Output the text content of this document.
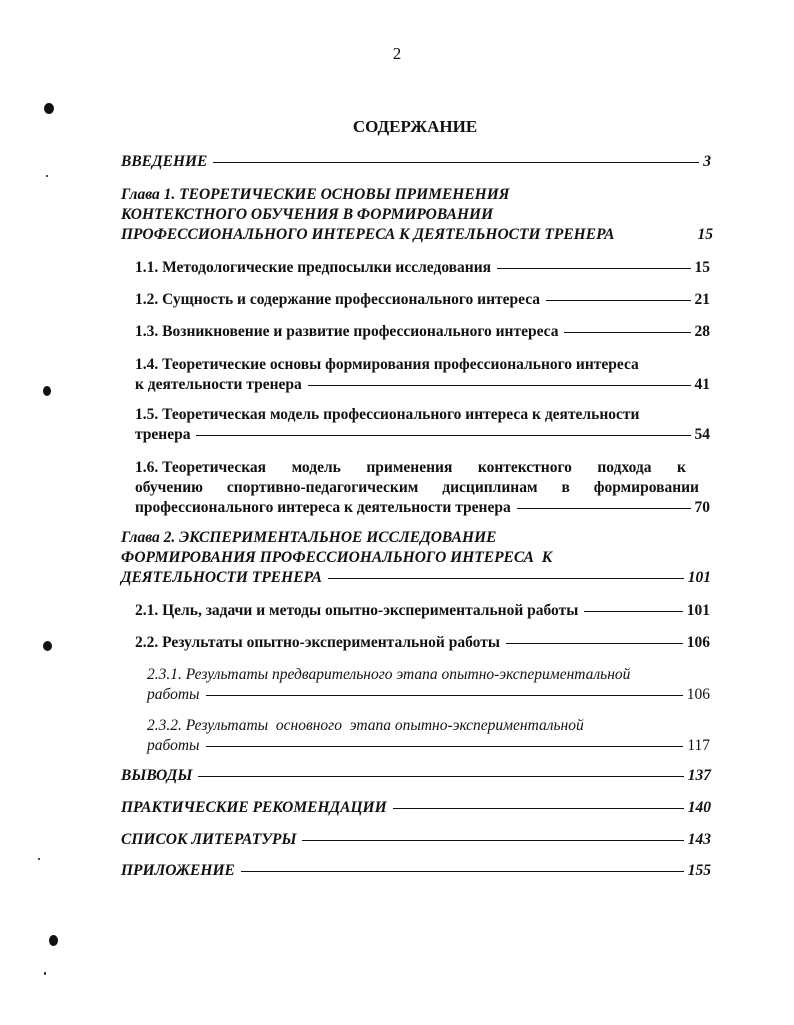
2
СОДЕРЖАНИЕ
ВВЕДЕНИЕ	3
Глава 1. ТЕОРЕТИЧЕСКИЕ ОСНОВЫ ПРИМЕНЕНИЯ
КОНТЕКСТНОГО ОБУЧЕНИЯ В ФОРМИРОВАНИИ
ПРОФЕССИОНАЛЬНОГО ИНТЕРЕСА К ДЕЯТЕЛЬНОСТИ ТРЕНЕРА	15
1.1. Методологические предпосылки исследования	15
1.2. Сущность и содержание профессионального интереса	21
1.3. Возникновение и развитие профессионального интереса	28
1.4. Теоретические основы формирования профессионального интереса
к деятельности тренера	41
1.5. Теоретическая модель профессионального интереса к деятельности
тренера	54
1.6. Теоретическая модель применения контекстного подхода к
обучению спортивно-педагогическим дисциплинам в формировании
профессионального интереса к деятельности тренера	70
Глава 2. ЭКСПЕРИМЕНТАЛЬНОЕ ИССЛЕДОВАНИЕ
ФОРМИРОВАНИЯ ПРОФЕССИОНАЛЬНОГО ИНТЕРЕСА  К
ДЕЯТЕЛЬНОСТИ ТРЕНЕРА	101
2.1. Цель, задачи и методы опытно-экспериментальной работы	101
2.2. Результаты опытно-экспериментальной работы	106
2.3.1. Результаты предварительного этапа опытно-экспериментальной
работы	106
2.3.2. Результаты  основного  этапа опытно-экспериментальной
работы	117
ВЫВОДЫ	137
ПРАКТИЧЕСКИЕ РЕКОМЕНДАЦИИ	140
СПИСОК ЛИТЕРАТУРЫ	143
ПРИЛОЖЕНИЕ	155
